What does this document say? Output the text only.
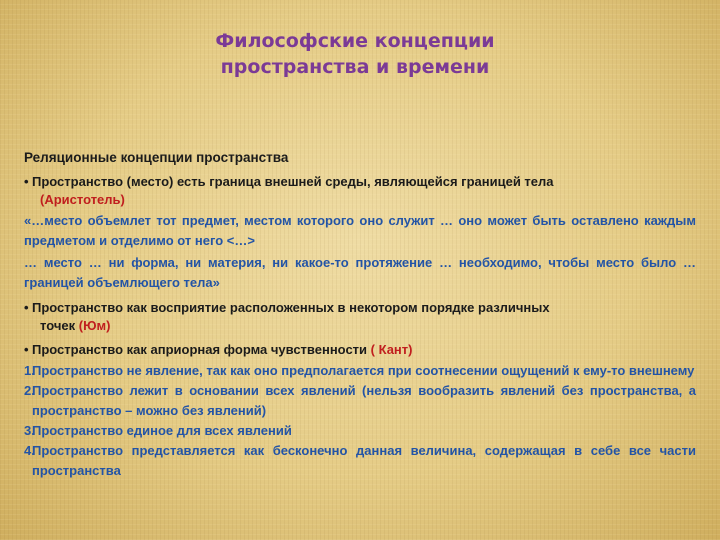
Философские концепции
пространства и времени
Реляционные концепции пространства
• Пространство (место) есть граница внешней среды, являющейся границей тела
(Аристотель)
«…место объемлет тот предмет, местом которого оно служит … оно может быть оставлено каждым предметом и отделимо от него <…>
… место … ни форма, ни материя, ни какое-то протяжение … необходимо, чтобы место было … границей объемлющего тела»
• Пространство как восприятие расположенных в некотором порядке различных
точек (Юм)
• Пространство как априорная форма чувственности ( Кант)
1.
Пространство не явление, так как оно предполагается при соотнесении ощущений к ему-то внешнему
2.
Пространство лежит в основании всех явлений (нельзя вообразить явлений без пространства, а пространство – можно без явлений)
3.
Пространство единое для всех явлений
4.
Пространство представляется как бесконечно данная величина, содержащая в себе все части пространства
